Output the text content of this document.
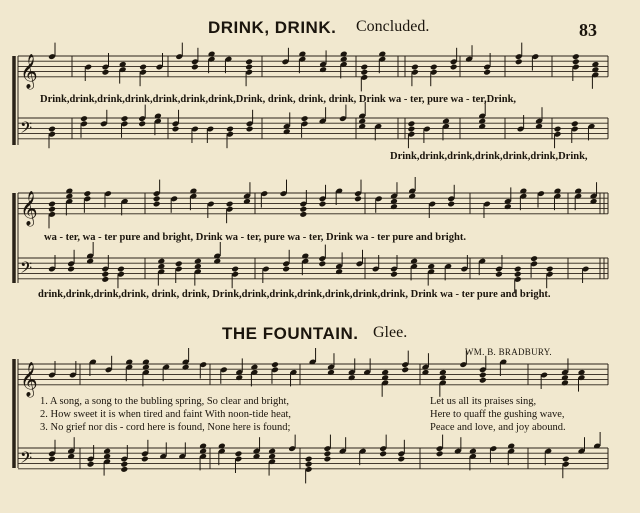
DRINK, DRINK. Concluded.	83
𝄞
𝄢
𝄞
𝄢
𝄞
𝄢
Drink,drink,drink,drink,drink,drink,drink,Drink, drink, drink, drink, Drink wa - ter, pure wa - ter,Drink,
Drink,drink,drink,drink,drink,drink,Drink,
wa - ter, wa - ter pure and bright, Drink wa - ter, pure wa - ter, Drink wa - ter pure and bright.
drink,drink,drink,drink, drink, drink, Drink,drink,drink,drink,drink,drink,drink, Drink wa - ter pure and bright.
THE FOUNTAIN. Glee.
WM. B. BRADBURY.
1. A song, a song to the bubling spring, So clear and bright,
2. How sweet it is when tired and faint With noon-tide heat,
3. No grief nor dis - cord here is found, None here is found;
Let us all its praises sing,
Here to quaff the gushing wave,
Peace and love, and joy abound.
